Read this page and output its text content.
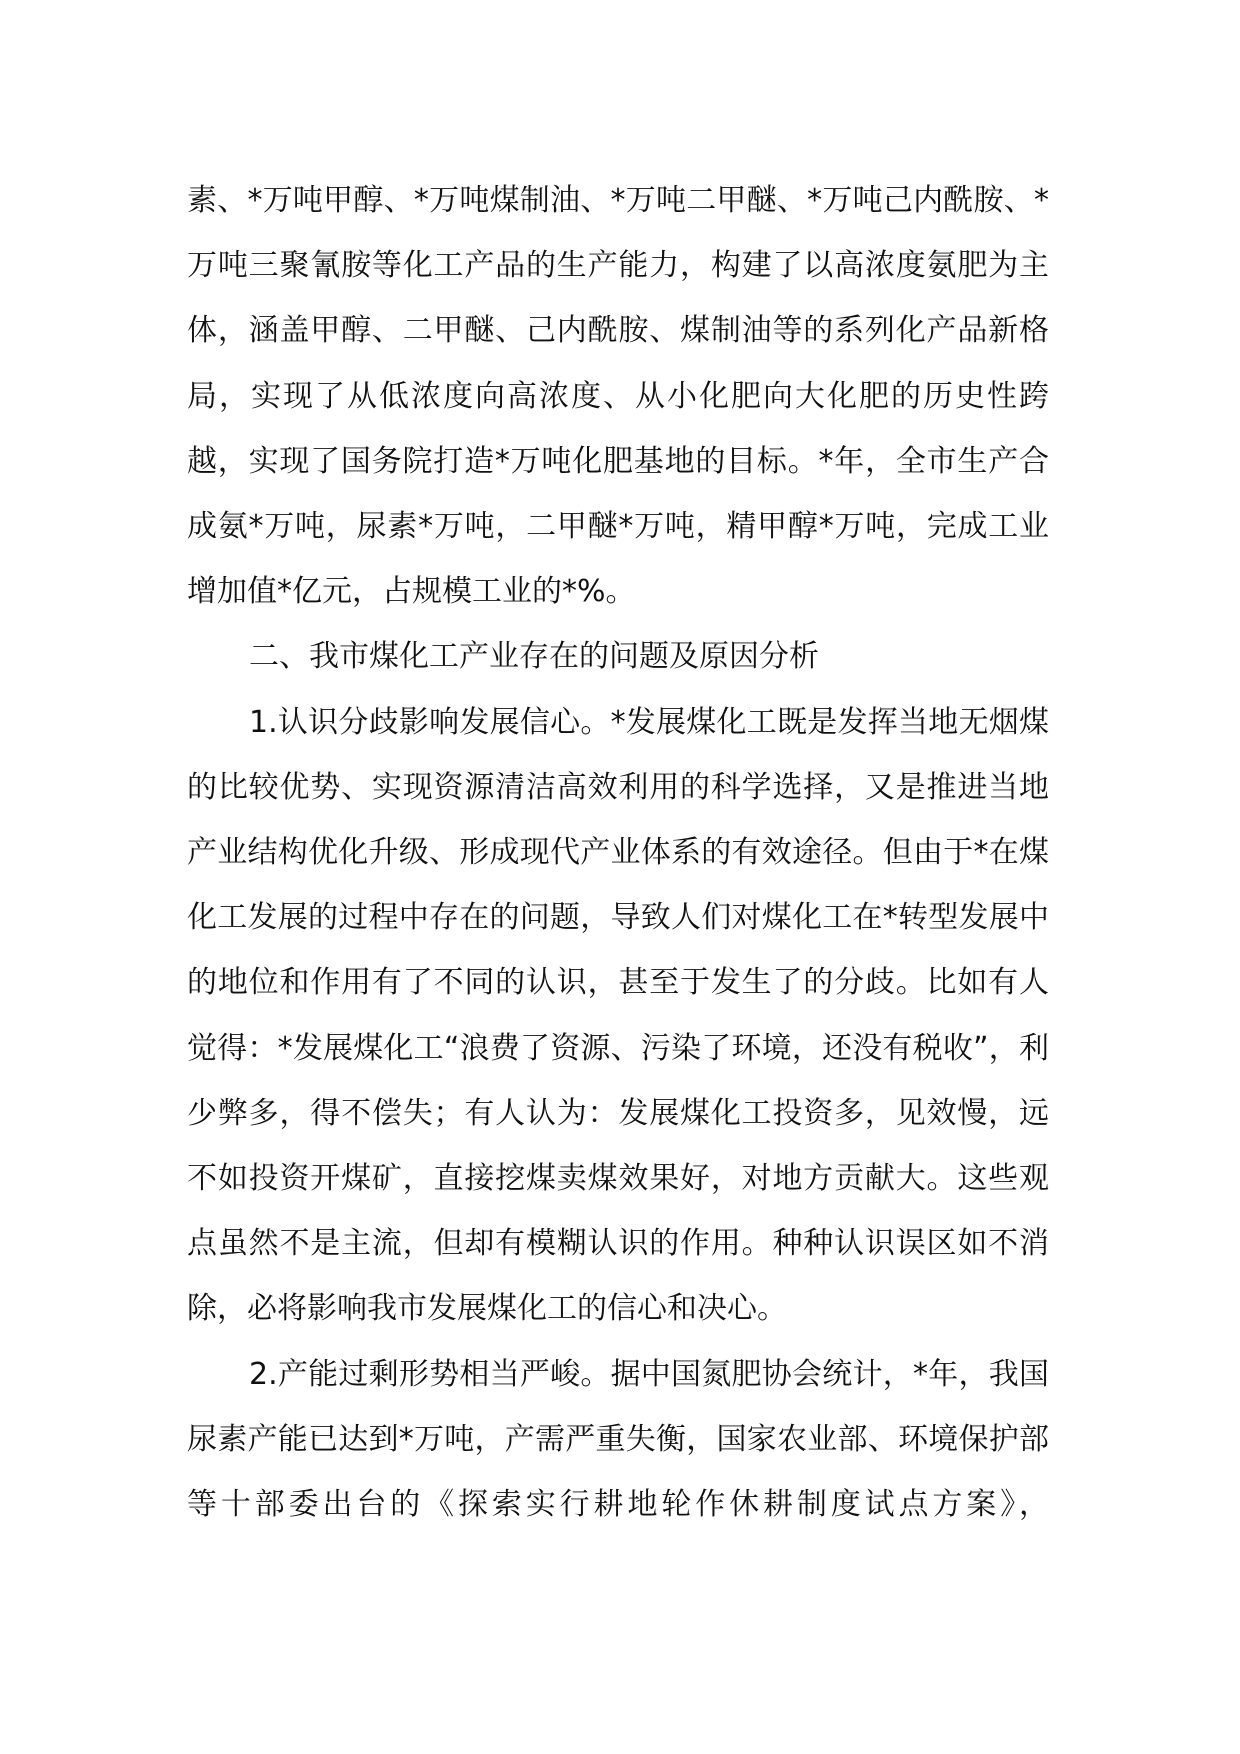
素、*万吨甲醇、*万吨煤制油、*万吨二甲醚、*万吨己内酰胺、*万吨三聚氰胺等化工产品的生产能力，构建了以高浓度氨肥为主体，涵盖甲醇、二甲醚、己内酰胺、煤制油等的系列化产品新格局，实现了从低浓度向高浓度、从小化肥向大化肥的历史性跨越，实现了国务院打造*万吨化肥基地的目标。*年，全市生产合成氨*万吨，尿素*万吨，二甲醚*万吨，精甲醇*万吨，完成工业增加值*亿元，占规模工业的*%。

二、我市煤化工产业存在的问题及原因分析

1.认识分歧影响发展信心。*发展煤化工既是发挥当地无烟煤的比较优势、实现资源清洁高效利用的科学选择，又是推进当地产业结构优化升级、形成现代产业体系的有效途径。但由于*在煤化工发展的过程中存在的问题，导致人们对煤化工在*转型发展中的地位和作用有了不同的认识，甚至于发生了的分歧。比如有人觉得：*发展煤化工“浪费了资源、污染了环境，还没有税收”，利少弊多，得不偿失；有人认为：发展煤化工投资多，见效慢，远不如投资开煤矿，直接挖煤卖煤效果好，对地方贡献大。这些观点虽然不是主流，但却有模糊认识的作用。种种认识误区如不消除，必将影响我市发展煤化工的信心和决心。

2.产能过剩形势相当严峻。据中国氮肥协会统计，*年，我国尿素产能已达到*万吨，产需严重失衡，国家农业部、环境保护部等十部委出台的《探索实行耕地轮作休耕制度试点方案》，
